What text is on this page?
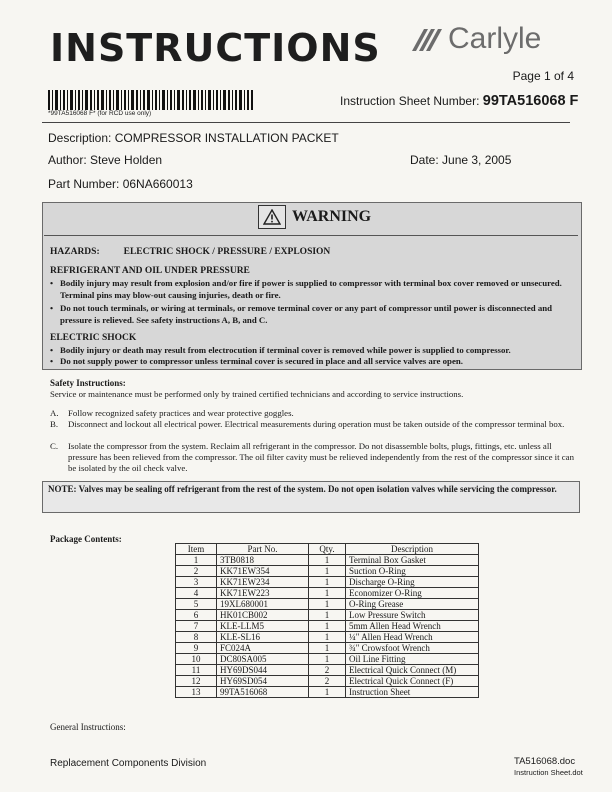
INSTRUCTIONS Carlyle
Page 1 of 4
*99TA516068 F* (for RCD use only)
Instruction Sheet Number: 99TA516068 F
Description: COMPRESSOR INSTALLATION PACKET
Author: Steve Holden	Date: June 3, 2005
Part Number: 06NA660013
WARNING
HAZARDS:	ELECTRIC SHOCK / PRESSURE / EXPLOSION
REFRIGERANT AND OIL UNDER PRESSURE
• Bodily injury may result from explosion and/or fire if power is supplied to compressor with terminal box cover removed or unsecured. Terminal pins may blow-out causing injuries, death or fire.
• Do not touch terminals, or wiring at terminals, or remove terminal cover or any part of compressor until power is disconnected and pressure is relieved. See safety instructions A, B, and C.
ELECTRIC SHOCK
• Bodily injury or death may result from electrocution if terminal cover is removed while power is supplied to compressor.
• Do not supply power to compressor unless terminal cover is secured in place and all service valves are open.
Safety Instructions:
Service or maintenance must be performed only by trained certified technicians and according to service instructions.
A.	Follow recognized safety practices and wear protective goggles.
B.	Disconnect and lockout all electrical power. Electrical measurements during operation must be taken outside of the compressor terminal box.
C.	Isolate the compressor from the system. Reclaim all refrigerant in the compressor. Do not disassemble bolts, plugs, fittings, etc. unless all pressure has been relieved from the compressor. The oil filter cavity must be relieved independently from the rest of the compressor since it can be isolated by the oil check valve.
NOTE: Valves may be sealing off refrigerant from the rest of the system. Do not open isolation valves while servicing the compressor.
Package Contents:
Item	Part No.	Qty.	Description
1	3TB0818	1	Terminal Box Gasket
2	KK71EW354	1	Suction O-Ring
3	KK71EW234	1	Discharge O-Ring
4	KK71EW223	1	Economizer O-Ring
5	19XL680001	1	O-Ring Grease
6	HK01CB002	1	Low Pressure Switch
7	KLE-LLM5	1	5mm Allen Head Wrench
8	KLE-SL16	1	¼" Allen Head Wrench
9	FC024A	1	¾" Crowsfoot Wrench
10	DC80SA005	1	Oil Line Fitting
11	HY69DS044	2	Electrical Quick Connect (M)
12	HY69SD054	2	Electrical Quick Connect (F)
13	99TA516068	1	Instruction Sheet
General Instructions:
Replacement Components Division	TA516068.doc
Instruction Sheet.dot
